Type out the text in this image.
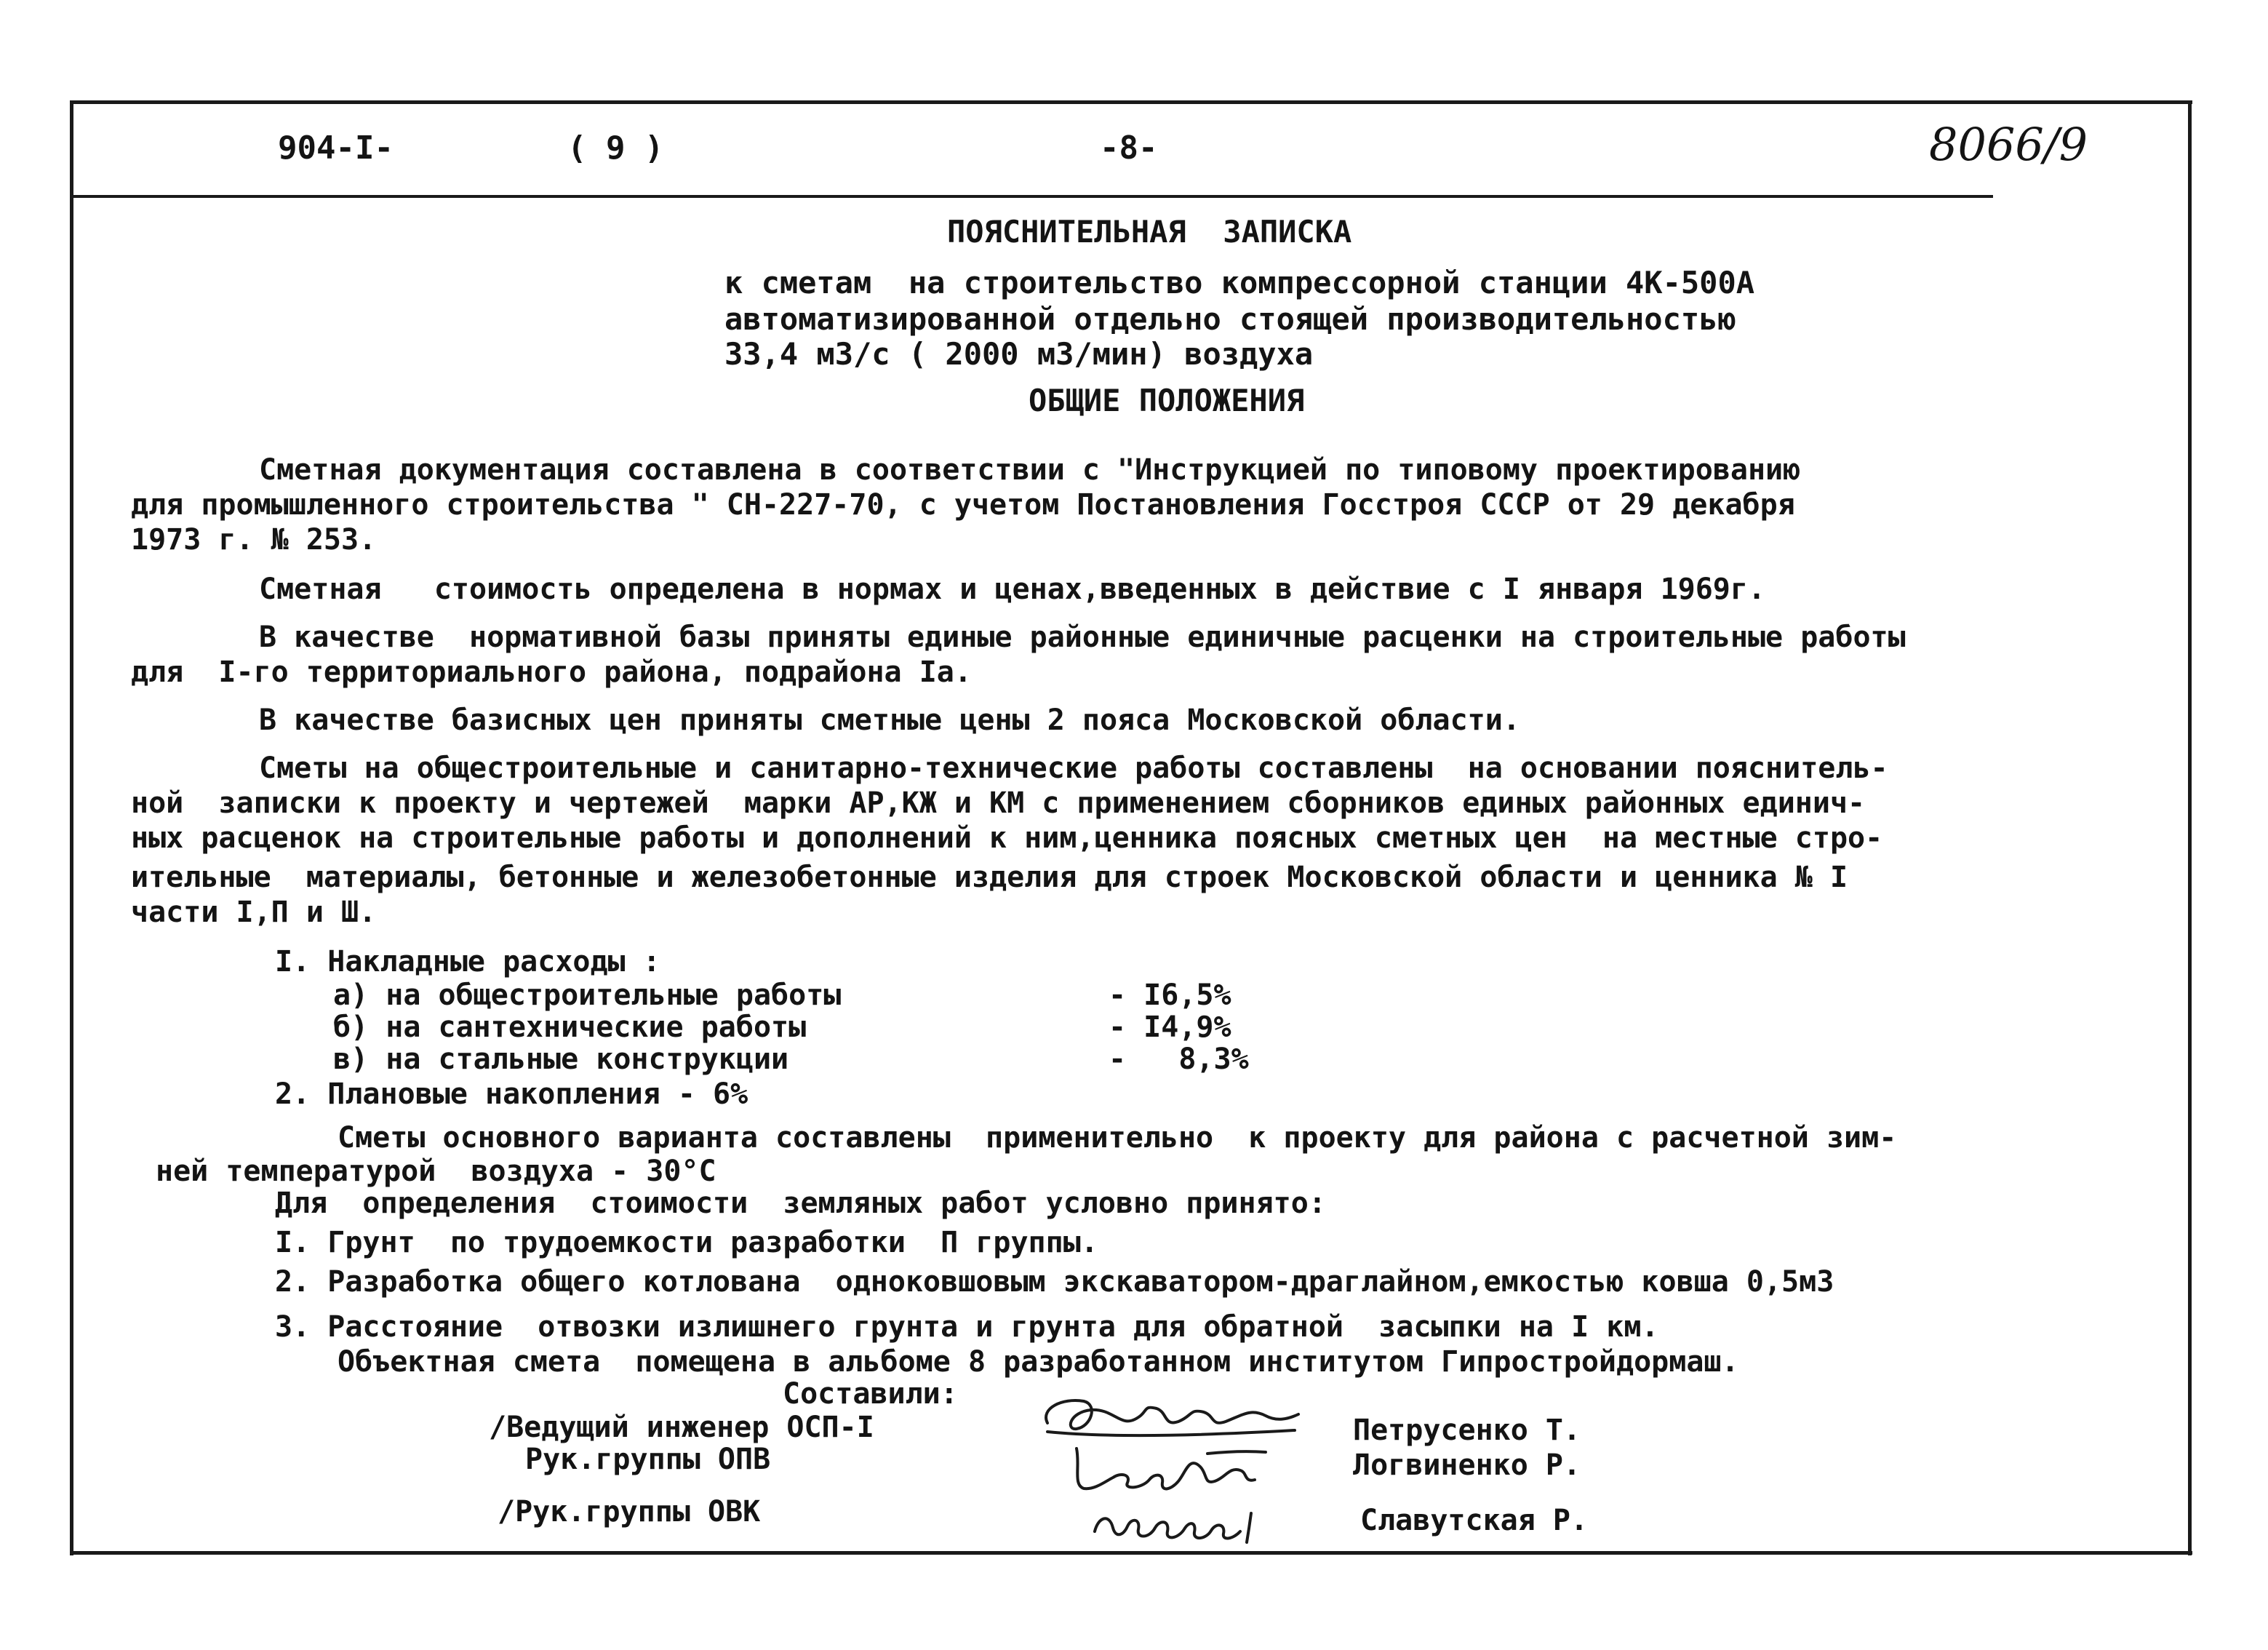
904-I-	( 9 )	-8-	8066/9
ПОЯСНИТЕЛЬНАЯ  ЗАПИСКА
к сметам  на строительство компрессорной станции 4К-500А
автоматизированной отдельно стоящей производительностью
33,4 м3/с ( 2000 м3/мин) воздуха
ОБЩИЕ ПОЛОЖЕНИЯ
Сметная документация составлена в соответствии с "Инструкцией по типовому проектированию
для промышленного строительства " СН-227-70, с учетом Постановления Госстроя СССР от 29 декабря
1973 г. № 253.
Сметная   стоимость определена в нормах и ценах,введенных в действие с I января 1969г.
В качестве  нормативной базы приняты единые районные единичные расценки на строительные работы
для  I-го территориального района, подрайона Iа.
В качестве базисных цен приняты сметные цены 2 пояса Московской области.
Сметы на общестроительные и санитарно-технические работы составлены  на основании пояснитель-
ной  записки к проекту и чертежей  марки АР,КЖ и КМ с применением сборников единых районных единич-
ных расценок на строительные работы и дополнений к ним,ценника поясных сметных цен  на местные стро-
ительные  материалы, бетонные и железобетонные изделия для строек Московской области и ценника № I
части I,П и Ш.
I. Накладные расходы :
а) на общестроительные работы	- I6,5%
б) на сантехнические работы	- I4,9%
в) на стальные конструкции	-   8,3%
2. Плановые накопления - 6%
Сметы основного варианта составлены  применительно  к проекту для района с расчетной зим-
ней температурой  воздуха - 30°С
Для  определения  стоимости  земляных работ условно принято:
I. Грунт  по трудоемкости разработки  П группы.
2. Разработка общего котлована  одноковшовым экскаватором-драглайном,емкостью ковша 0,5м3
3. Расстояние  отвозки излишнего грунта и грунта для обратной  засыпки на I км.
Объектная смета  помещена в альбоме 8 разработанном институтом Гипростройдормаш.
Составили:
/Ведущий инженер ОСП-I	Петрусенко Т.
Рук.группы ОПВ	Логвиненко Р.
/Рук.группы ОВК	Славутская Р.
